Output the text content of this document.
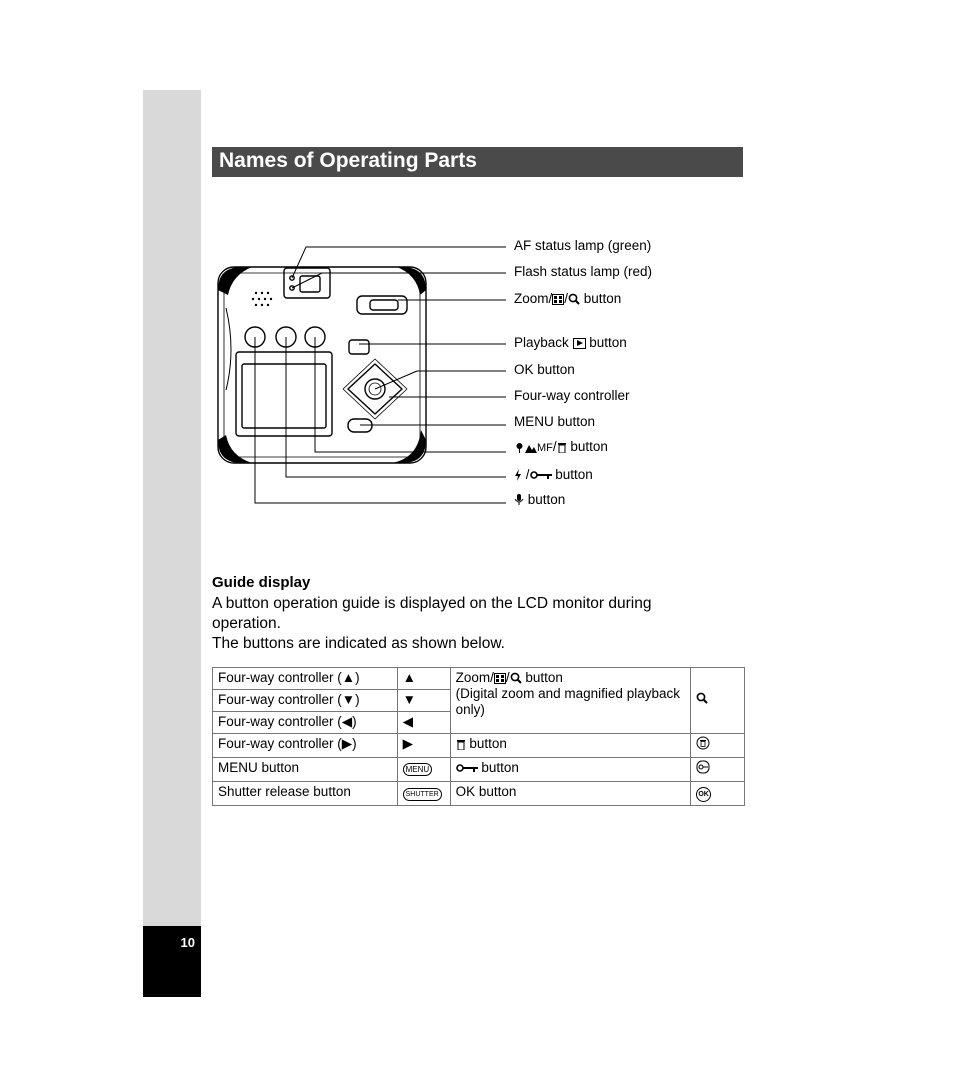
10
Names of Operating Parts
AF status lamp (green)
Flash status lamp (red)
Zoom/ / button
Playback  button
OK button
Four-way controller
MENU button
MF/ button
/ button
button
Guide display
A button operation guide is displayed on the LCD monitor during operation.
The buttons are indicated as shown below.
Four-way controller (▲)	▲	Zoom/ / button
(Digital zoom and magnified playback only)	
Four-way controller (▼)	▼		
Four-way controller (◀)	◀		
Four-way controller (▶)	▶	button	
MENU button	MENU	button	
Shutter release button	SHUTTER	OK button	OK
